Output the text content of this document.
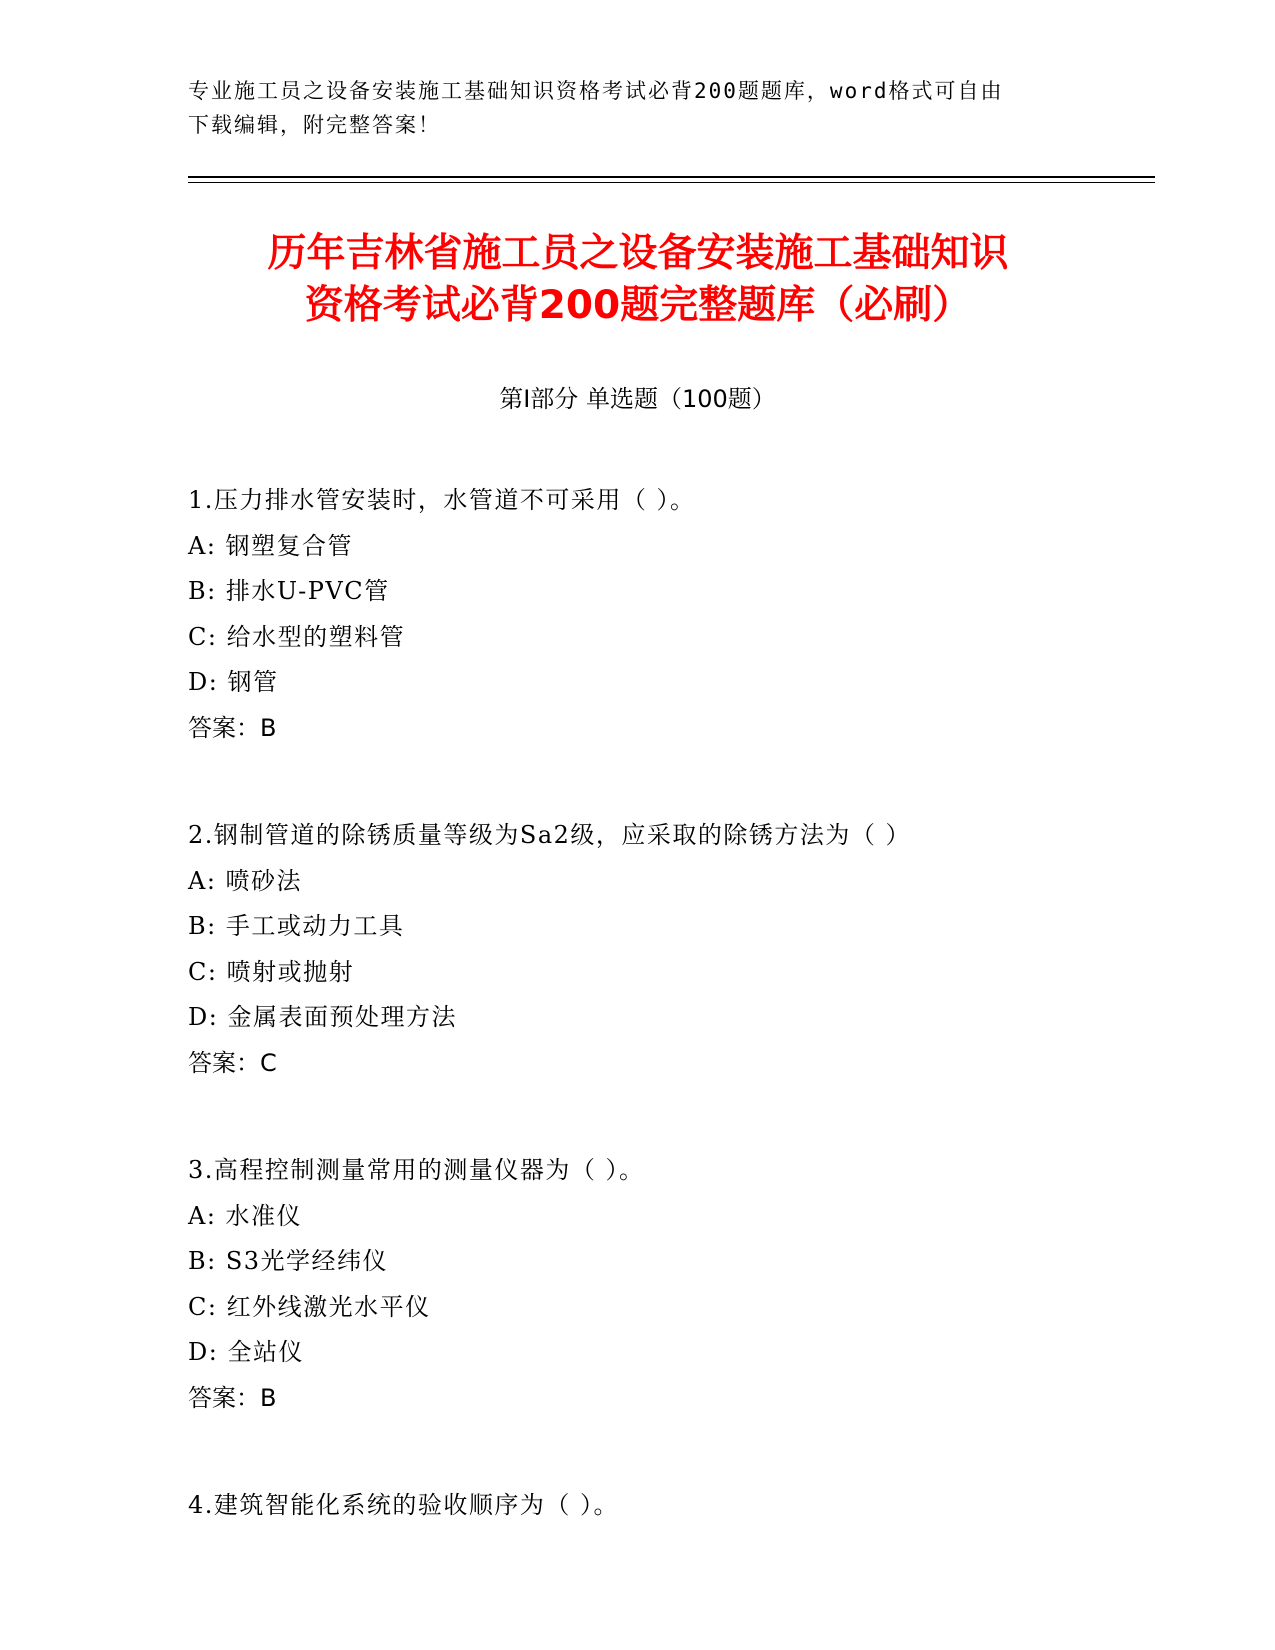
专业施工员之设备安装施工基础知识资格考试必背200题题库，word格式可自由
下载编辑，附完整答案！
历年吉林省施工员之设备安装施工基础知识
资格考试必背200题完整题库（必刷）
第Ⅰ部分 单选题（100题）
1.压力排水管安装时，水管道不可采用（ ）。
A: 钢塑复合管
B: 排水U-PVC管
C: 给水型的塑料管
D: 钢管
答案：B
2.钢制管道的除锈质量等级为Sa2级，应采取的除锈方法为（ ）
A: 喷砂法
B: 手工或动力工具
C: 喷射或抛射
D: 金属表面预处理方法
答案：C
3.高程控制测量常用的测量仪器为（ ）。
A: 水准仪
B: S3光学经纬仪
C: 红外线激光水平仪
D: 全站仪
答案：B
4.建筑智能化系统的验收顺序为（ ）。
